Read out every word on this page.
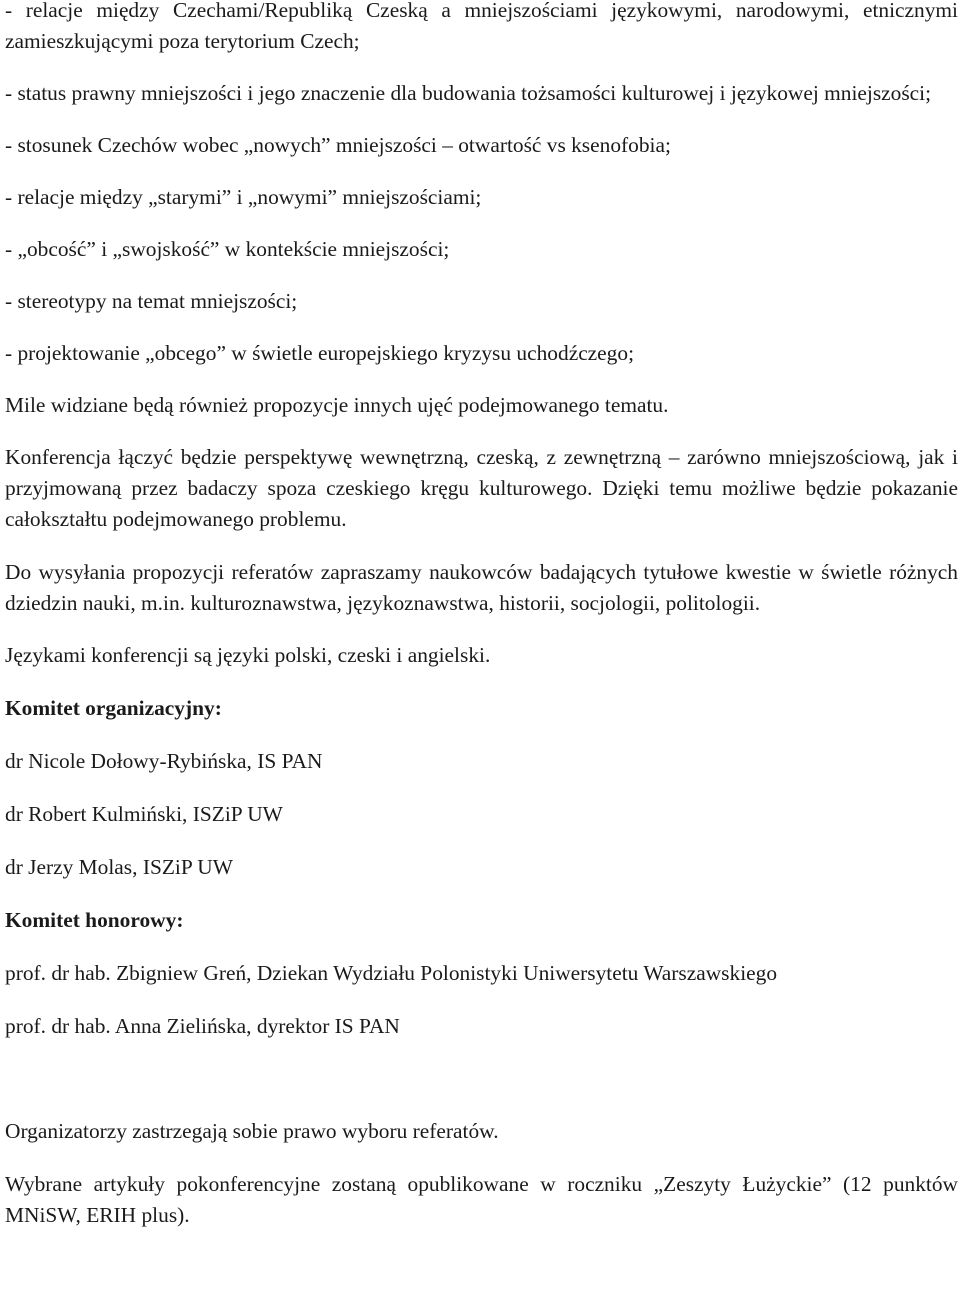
- relacje między Czechami/Republiką Czeską a mniejszościami językowymi, narodowymi, etnicznymi zamieszkującymi poza terytorium Czech;

- status prawny mniejszości i jego znaczenie dla budowania tożsamości kulturowej i językowej mniejszości;

- stosunek Czechów wobec „nowych” mniejszości – otwartość vs ksenofobia;

- relacje między „starymi” i „nowymi” mniejszościami;

- „obcość” i „swojskość” w kontekście mniejszości;

- stereotypy na temat mniejszości;

- projektowanie „obcego” w świetle europejskiego kryzysu uchodźczego;

Mile widziane będą również propozycje innych ujęć podejmowanego tematu.

Konferencja łączyć będzie perspektywę wewnętrzną, czeską, z zewnętrzną – zarówno mniejszościową, jak i przyjmowaną przez badaczy spoza czeskiego kręgu kulturowego. Dzięki temu możliwe będzie pokazanie całokształtu podejmowanego problemu.

Do wysyłania propozycji referatów zapraszamy naukowców badających tytułowe kwestie w świetle różnych dziedzin nauki, m.in. kulturoznawstwa, językoznawstwa, historii, socjologii, politologii.

Językami konferencji są języki polski, czeski i angielski.

Komitet organizacyjny:

dr Nicole Dołowy-Rybińska, IS PAN

dr Robert Kulmiński, ISZiP UW

dr Jerzy Molas, ISZiP UW

Komitet honorowy:

prof. dr hab. Zbigniew Greń, Dziekan Wydziału Polonistyki Uniwersytetu Warszawskiego

prof. dr hab. Anna Zielińska, dyrektor IS PAN

Organizatorzy zastrzegają sobie prawo wyboru referatów.

Wybrane artykuły pokonferencyjne zostaną opublikowane w roczniku „Zeszyty Łużyckie” (12 punktów MNiSW, ERIH plus).
